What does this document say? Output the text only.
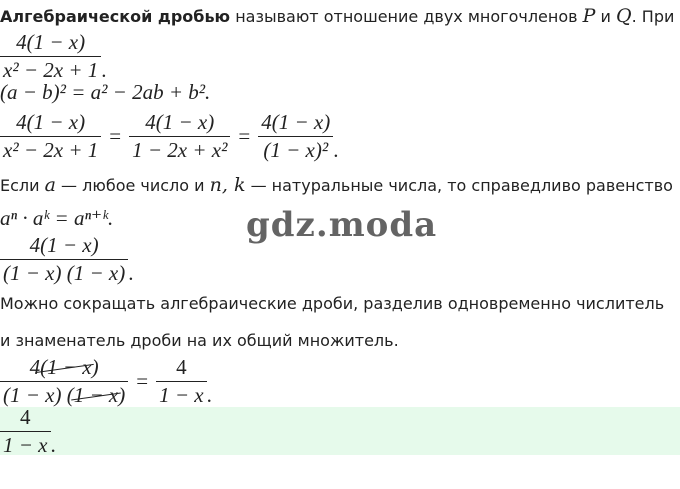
Алгебраической дробью называют отношение двух многочленов P и Q. При
$\frac{4(1 - x)}{\text{x² − 2x + 1}}$ .
(a − b)² = a² − 2ab + b².
$\frac{4(1 - x)}{\text{x² − 2x + 1}} = \frac{4(1 - x)}{\text{1 − 2x + x²}} = \frac{4(1 - x)}{\text{(1 − x)²}}$ .
Если a — любое число и n, k — натуральные числа, то справедливо равенство
aⁿ · aᵏ = aⁿ⁺ᵏ.	gdz.moda
$\frac{4(1 - x)}{(1 - x) (1 - x)}$ .
Можно сокращать алгебраические дроби, разделив одновременно числитель
и знаменатель дроби на их общий множитель.
$\frac{4(1 - x)}{(1 - x) (1 - x)} = \frac{4}{1 - x}$ .
$\frac{4}{1 - x}$ .
